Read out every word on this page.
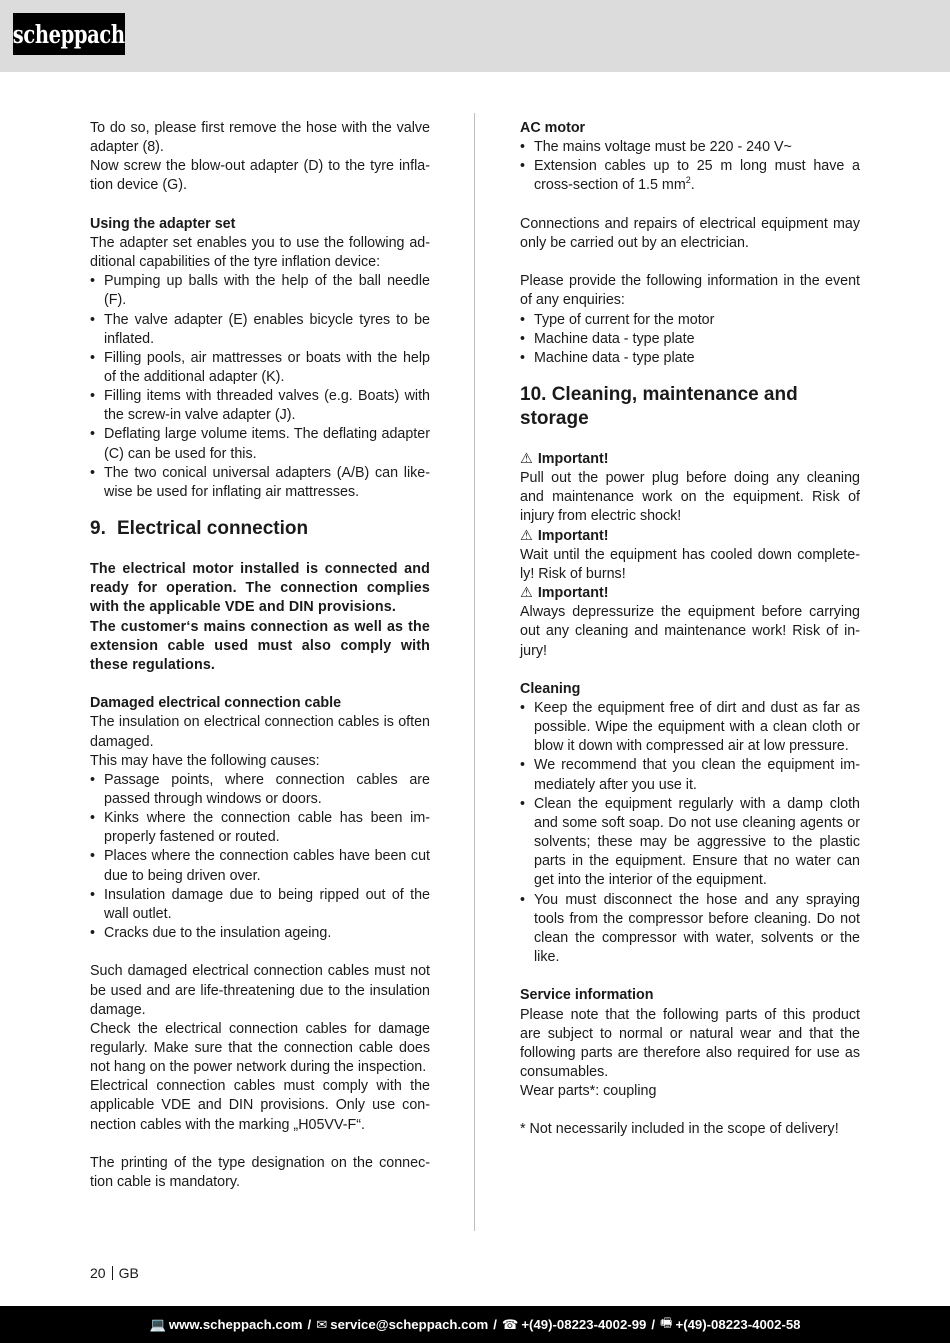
scheppach

To do so, please first remove the hose with the valve adapter (8).

Now screw the blow-out adapter (D) to the tyre inflation device (G).

Using the adapter set

The adapter set enables you to use the following additional capabilities of the tyre inflation device:

• Pumping up balls with the help of the ball needle (F).
• The valve adapter (E) enables bicycle tyres to be inflated.
• Filling pools, air mattresses or boats with the help of the additional adapter (K).
• Filling items with threaded valves (e.g. Boats) with the screw-in valve adapter (J).
• Deflating large volume items. The deflating adapter (C) can be used for this.
• The two conical universal adapters (A/B) can likewise be used for inflating air mattresses.
9. Electrical connection

The electrical motor installed is connected and ready for operation. The connection complies with the applicable VDE and DIN provisions.

The customer‘s mains connection as well as the extension cable used must also comply with these regulations.

Damaged electrical connection cable

The insulation on electrical connection cables is often damaged.

This may have the following causes:

• Passage points, where connection cables are passed through windows or doors.
• Kinks where the connection cable has been improperly fastened or routed.
• Places where the connection cables have been cut due to being driven over.
• Insulation damage due to being ripped out of the wall outlet.
• Cracks due to the insulation ageing.

Such damaged electrical connection cables must not be used and are life-threatening due to the insulation damage.

Check the electrical connection cables for damage regularly. Make sure that the connection cable does not hang on the power network during the inspection.

Electrical connection cables must comply with the applicable VDE and DIN provisions. Only use connection cables with the marking „H05VV-F“.

The printing of the type designation on the connection cable is mandatory.

AC motor
• The mains voltage must be 220 - 240 V~
• Extension cables up to 25 m long must have a cross-section of 1.5 $mm^2$.

Connections and repairs of electrical equipment may only be carried out by an electrician.

Please provide the following information in the event of any enquiries:

• Type of current for the motor
• Machine data - type plate
• Machine data - type plate
10. Cleaning, maintenance and storage
⚠ Important!

Pull out the power plug before doing any cleaning and maintenance work on the equipment. Risk of injury from electric shock!

⚠ Important!

Wait until the equipment has cooled down completely! Risk of burns!

⚠ Important!

Always depressurize the equipment before carrying out any cleaning and maintenance work! Risk of injury!

Cleaning
• Keep the equipment free of dirt and dust as far as possible. Wipe the equipment with a clean cloth or blow it down with compressed air at low pressure.
• We recommend that you clean the equipment immediately after you use it.
• Clean the equipment regularly with a damp cloth and some soft soap. Do not use cleaning agents or solvents; these may be aggressive to the plastic parts in the equipment. Ensure that no water can get into the interior of the equipment.
• You must disconnect the hose and any spraying tools from the compressor before cleaning. Do not clean the compressor with water, solvents or the like.
Service information

Please note that the following parts of this product are subject to normal or natural wear and that the following parts are therefore also required for use as consumables.

Wear parts*: coupling

* Not necessarily included in the scope of delivery!

20 GB
💻 www.scheppach.com / ✉ service@scheppach.com / ☎ +(49)-08223-4002-99 / 🖷 +(49)-08223-4002-58
